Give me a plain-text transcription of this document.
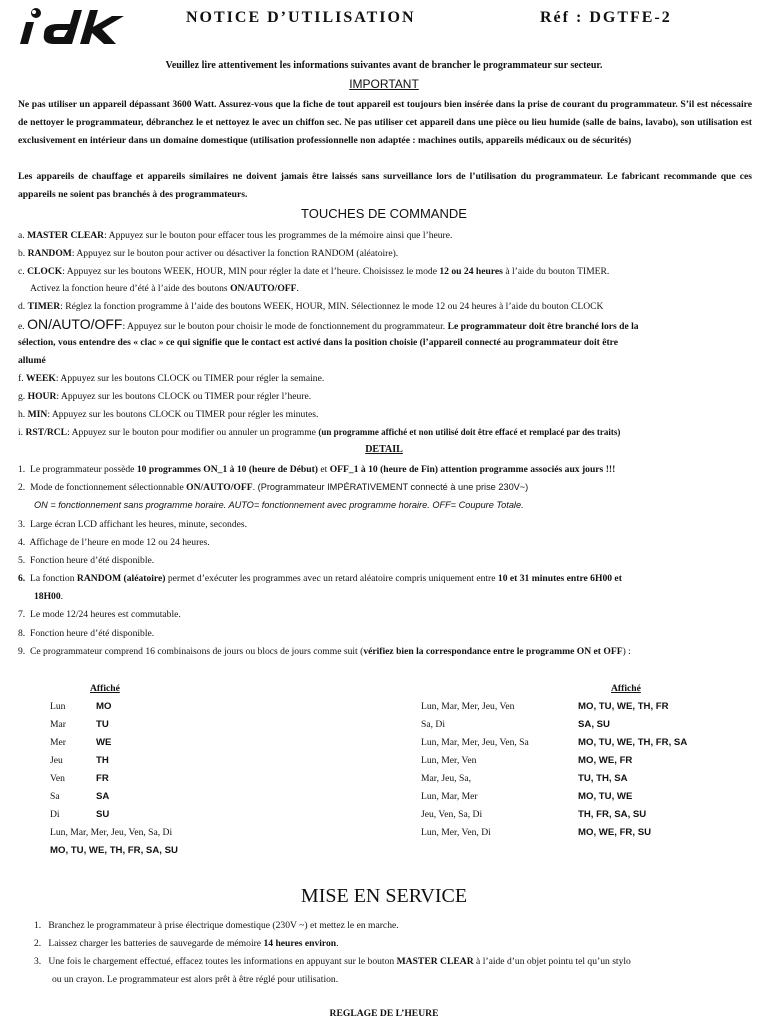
NOTICE D’UTILISATION	Réf : DGTFE-2
Veuillez lire attentivement les informations suivantes avant de brancher le programmateur sur secteur.
IMPORTANT
Ne pas utiliser un appareil dépassant 3600 Watt. Assurez-vous que la fiche de tout appareil est toujours bien insérée dans la prise de courant du programmateur. S’il est nécessaire de nettoyer le programmateur, débranchez le et nettoyez le avec un chiffon sec. Ne pas utiliser cet appareil dans une pièce ou lieu humide (salle de bains, lavabo), son utilisation est exclusivement en intérieur dans un domaine domestique (utilisation professionnelle non adaptée : machines outils, appareils médicaux ou de sécurités)
Les appareils de chauffage et appareils similaires ne doivent jamais être laissés sans surveillance lors de l’utilisation du programmateur. Le fabricant recommande que ces appareils ne soient pas branchés à des programmateurs.
TOUCHES DE COMMANDE
a. MASTER CLEAR: Appuyez sur le bouton pour effacer tous les programmes de la mémoire ainsi que l’heure.
b. RANDOM: Appuyez sur le bouton pour activer ou désactiver la fonction RANDOM (aléatoire).
c. CLOCK: Appuyez sur les boutons WEEK, HOUR, MIN pour régler la date et l’heure. Choisissez le mode 12 ou 24 heures à l’aide du bouton TIMER.
Activez la fonction heure d’été à l’aide des boutons ON/AUTO/OFF.
d. TIMER: Réglez la fonction programme à l’aide des boutons WEEK, HOUR, MIN. Sélectionnez le mode 12 ou 24 heures à l’aide du bouton CLOCK
e. ON/AUTO/OFF: Appuyez sur le bouton pour choisir le mode de fonctionnement du programmateur. Le programmateur doit être branché lors de la
sélection, vous entendre des « clac » ce qui signifie que le contact est activé dans la position choisie (l’appareil connecté au programmateur doit être
allumé
f. WEEK: Appuyez sur les boutons CLOCK ou TIMER pour régler la semaine.
g. HOUR: Appuyez sur les boutons CLOCK ou TIMER pour régler l’heure.
h. MIN: Appuyez sur les boutons CLOCK ou TIMER pour régler les minutes.
i. RST/RCL: Appuyez sur le bouton pour modifier ou annuler un programme (un programme affiché et non utilisé doit être effacé et remplacé par des traits)
DETAIL
1. Le programmateur possède 10 programmes ON_1 à 10 (heure de Début) et OFF_1 à 10 (heure de Fin) attention programme associés aux jours !!!
2. Mode de fonctionnement sélectionnable ON/AUTO/OFF. (Programmateur IMPÉRATIVEMENT connecté à une prise 230V~)
ON = fonctionnement sans programme horaire. AUTO= fonctionnement avec programme horaire. OFF= Coupure Totale.
3. Large écran LCD affichant les heures, minute, secondes.
4. Affichage de l’heure en mode 12 ou 24 heures.
5. Fonction heure d’été disponible.
6. La fonction RANDOM (aléatoire) permet d’exécuter les programmes avec un retard aléatoire compris uniquement entre 10 et 31 minutes entre 6H00 et
18H00.
7. Le mode 12/24 heures est commutable.
8. Fonction heure d’été disponible.
9. Ce programmateur comprend 16 combinaisons de jours ou blocs de jours comme suit (vérifiez bien la correspondance entre le programme ON et OFF) :
Affiché	Affiché
Lun	MO
Mar	TU
Mer	WE
Jeu	TH
Ven	FR
Sa	SA
Di	SU
Lun, Mar, Mer, Jeu, Ven, Sa, Di
MO, TU, WE, TH, FR, SA, SU
Lun, Mar, Mer, Jeu, Ven	MO, TU, WE, TH, FR
Sa, Di	SA, SU
Lun, Mar, Mer, Jeu, Ven, Sa	MO, TU, WE, TH, FR, SA
Lun, Mer, Ven	MO, WE, FR
Mar, Jeu, Sa,	TU, TH, SA
Lun, Mar, Mer	MO, TU, WE
Jeu, Ven, Sa, Di	TH, FR, SA, SU
Lun, Mer, Ven, Di	MO, WE, FR, SU
MISE EN SERVICE
1. Branchez le programmateur à prise électrique domestique (230V ~) et mettez le en marche.
2. Laissez charger les batteries de sauvegarde de mémoire 14 heures environ.
3. Une fois le chargement effectué, effacez toutes les informations en appuyant sur le bouton MASTER CLEAR à l’aide d’un objet pointu tel qu’un stylo
ou un crayon. Le programmateur est alors prêt à être réglé pour utilisation.
REGLAGE DE L’HEURE
